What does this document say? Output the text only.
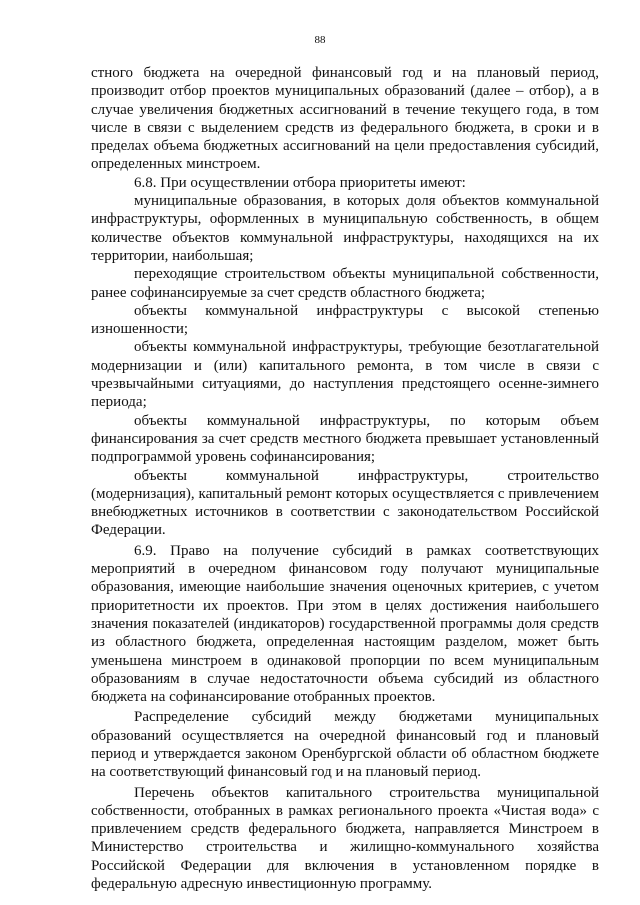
88

стного бюджета на очередной финансовый год и на плановый период, производит отбор проектов муниципальных образований (далее – отбор), а в случае увеличения бюджетных ассигнований в течение текущего года, в том числе в связи с выделением средств из федерального бюджета, в сроки и в пределах объема бюджетных ассигнований на цели предоставления субсидий, определенных минстроем.

6.8. При осуществлении отбора приоритеты имеют:

муниципальные образования, в которых доля объектов коммунальной инфраструктуры, оформленных в муниципальную собственность, в общем количестве объектов коммунальной инфраструктуры, находящихся на их территории, наибольшая;

переходящие строительством объекты муниципальной собственности, ранее софинансируемые за счет средств областного бюджета;

объекты коммунальной инфраструктуры с высокой степенью изношенности;

объекты коммунальной инфраструктуры, требующие безотлагательной модернизации и (или) капитального ремонта, в том числе в связи с чрезвычайными ситуациями, до наступления предстоящего осенне-зимнего периода;

объекты коммунальной инфраструктуры, по которым объем финансирования за счет средств местного бюджета превышает установленный подпрограммой уровень софинансирования;

объекты коммунальной инфраструктуры, строительство (модернизация), капитальный ремонт которых осуществляется с привлечением внебюджетных источников в соответствии с законодательством Российской Федерации.

6.9. Право на получение субсидий в рамках соответствующих мероприятий в очередном финансовом году получают муниципальные образования, имеющие наибольшие значения оценочных критериев, с учетом приоритетности их проектов. При этом в целях достижения наибольшего значения показателей (индикаторов) государственной программы доля средств из областного бюджета, определенная настоящим разделом, может быть уменьшена минстроем в одинаковой пропорции по всем муниципальным образованиям в случае недостаточности объема субсидий из областного бюджета на софинансирование отобранных проектов.

Распределение субсидий между бюджетами муниципальных образований осуществляется на очередной финансовый год и плановый период и утверждается законом Оренбургской области об областном бюджете на соответствующий финансовый год и на плановый период.

Перечень объектов капитального строительства муниципальной собственности, отобранных в рамках регионального проекта «Чистая вода» с привлечением средств федерального бюджета, направляется Минстроем в Министерство строительства и жилищно-коммунального хозяйства Российской Федерации для включения в установленном порядке в федеральную адресную инвестиционную программу.
